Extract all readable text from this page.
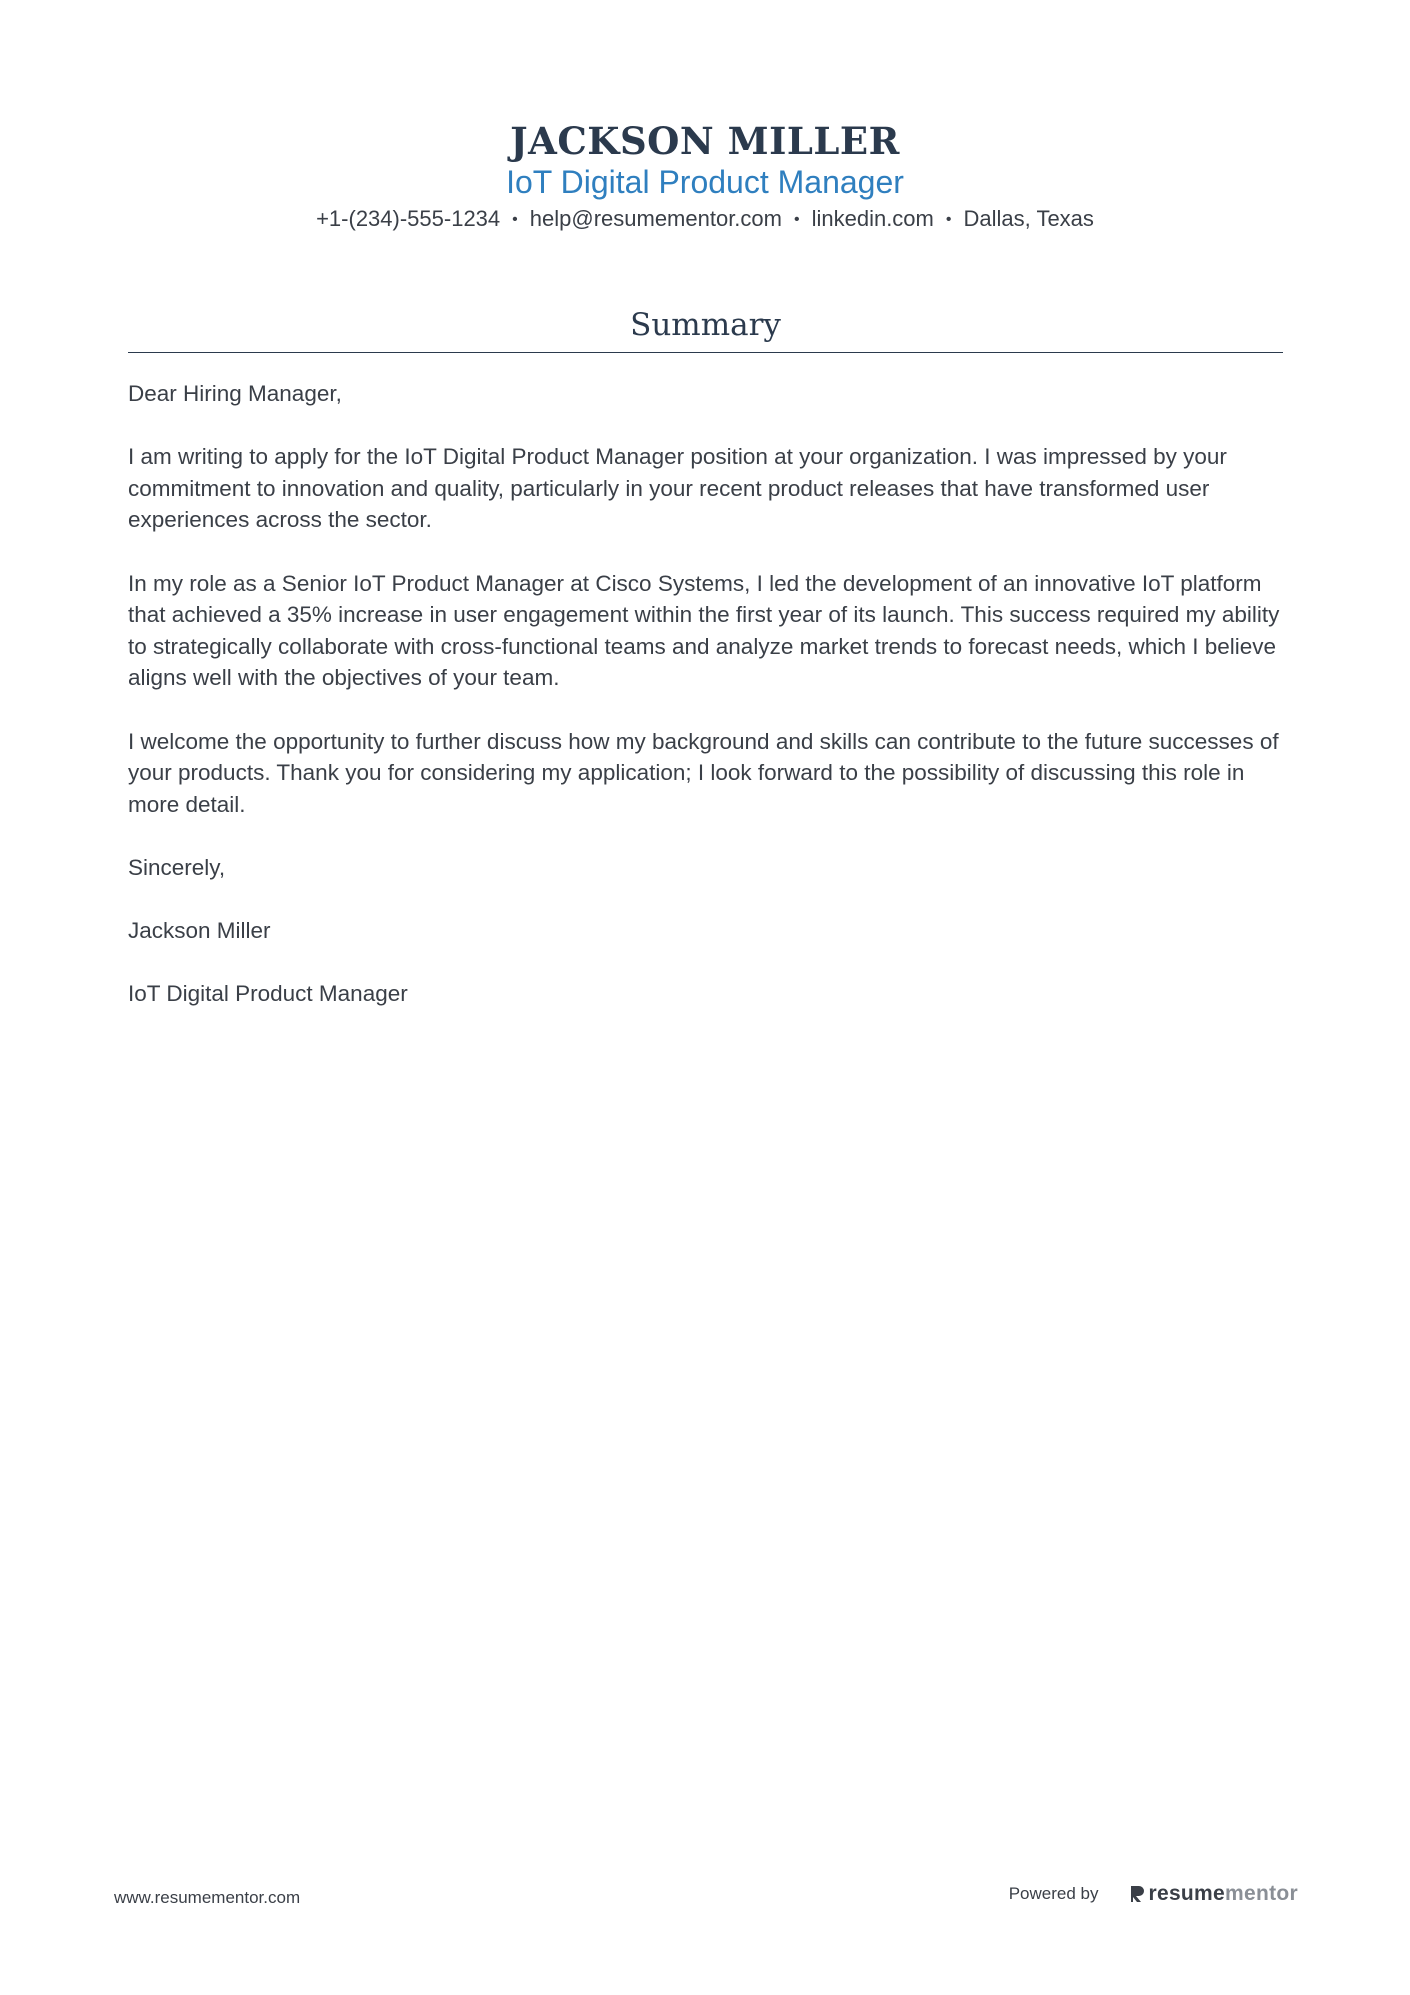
JACKSON MILLER
IoT Digital Product Manager
+1-(234)-555-1234 • help@resumementor.com • linkedin.com • Dallas, Texas
Summary

Dear Hiring Manager,

I am writing to apply for the IoT Digital Product Manager position at your organization. I was impressed by your commitment to innovation and quality, particularly in your recent product releases that have transformed user experiences across the sector.

In my role as a Senior IoT Product Manager at Cisco Systems, I led the development of an innovative IoT platform that achieved a 35% increase in user engagement within the first year of its launch. This success required my ability to strategically collaborate with cross-functional teams and analyze market trends to forecast needs, which I believe aligns well with the objectives of your team.

I welcome the opportunity to further discuss how my background and skills can contribute to the future successes of your products. Thank you for considering my application; I look forward to the possibility of discussing this role in more detail.

Sincerely,

Jackson Miller

IoT Digital Product Manager

www.resumementor.com	Powered by resume mentor
